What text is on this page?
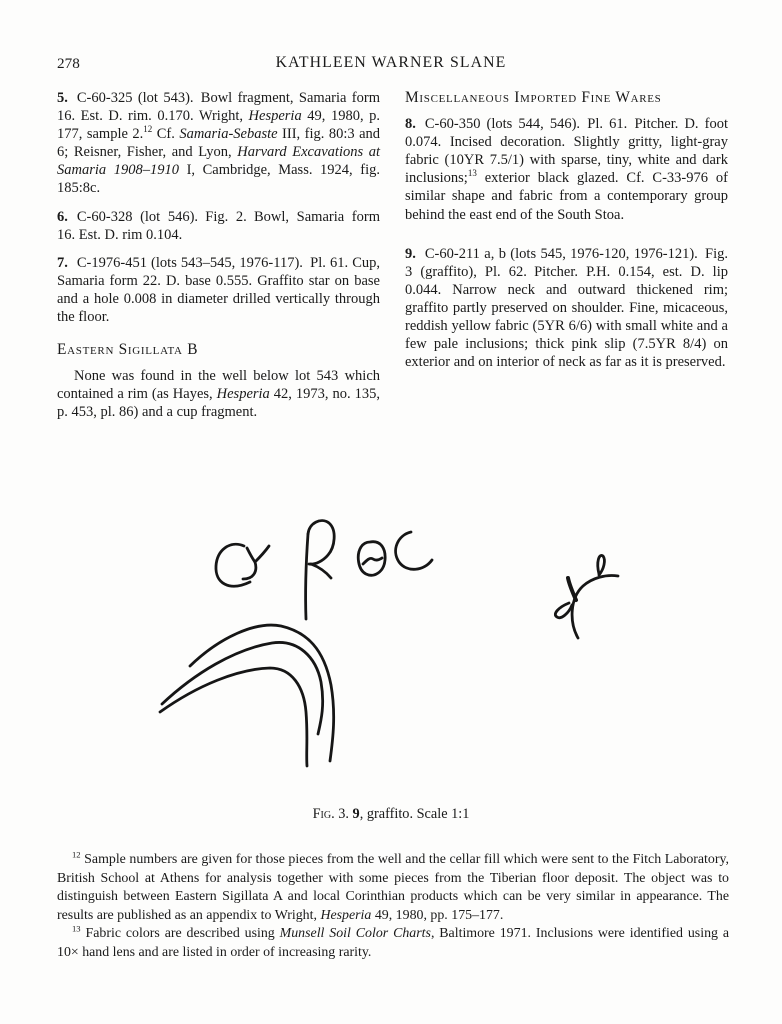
278	KATHLEEN WARNER SLANE

5. C-60-325 (lot 543). Bowl fragment, Samaria form 16. Est. D. rim. 0.170. Wright, Hesperia 49, 1980, p. 177, sample 2.12 Cf. Samaria-Sebaste III, fig. 80:3 and 6; Reisner, Fisher, and Lyon, Harvard Excavations at Samaria 1908–1910 I, Cambridge, Mass. 1924, fig. 185:8c.

6. C-60-328 (lot 546). Fig. 2. Bowl, Samaria form 16. Est. D. rim 0.104.

7. C-1976-451 (lots 543–545, 1976-117). Pl. 61. Cup, Samaria form 22. D. base 0.555. Graffito star on base and a hole 0.008 in diameter drilled vertically through the floor.

Eastern Sigillata B

None was found in the well below lot 543 which contained a rim (as Hayes, Hesperia 42, 1973, no. 135, p. 453, pl. 86) and a cup fragment.

Miscellaneous Imported Fine Wares

8. C-60-350 (lots 544, 546). Pl. 61. Pitcher. D. foot 0.074. Incised decoration. Slightly gritty, light-gray fabric (10YR 7.5/1) with sparse, tiny, white and dark inclusions;$^{13}$ exterior black glazed. Cf. C-33-976 of similar shape and fabric from a contemporary group behind the east end of the South Stoa.

9. C-60-211 a, b (lots 545, 1976-120, 1976-121). Fig. 3 (graffito), Pl. 62. Pitcher. P.H. 0.154, est. D. lip 0.044. Narrow neck and outward thickened rim; graffito partly preserved on shoulder. Fine, micaceous, reddish yellow fabric (5YR 6/6) with small white and a few pale inclusions; thick pink slip (7.5YR 8/4) on exterior and on interior of neck as far as it is preserved.

Fig. 3. 9, graffito. Scale 1:1

$^{12}$ Sample numbers are given for those pieces from the well and the cellar fill which were sent to the Fitch Laboratory, British School at Athens for analysis together with some pieces from the Tiberian floor deposit. The object was to distinguish between Eastern Sigillata A and local Corinthian products which can be very similar in appearance. The results are published as an appendix to Wright, Hesperia 49, 1980, pp. 175–177.

$^{13}$ Fabric colors are described using Munsell Soil Color Charts, Baltimore 1971. Inclusions were identified using a 10× hand lens and are listed in order of increasing rarity.
